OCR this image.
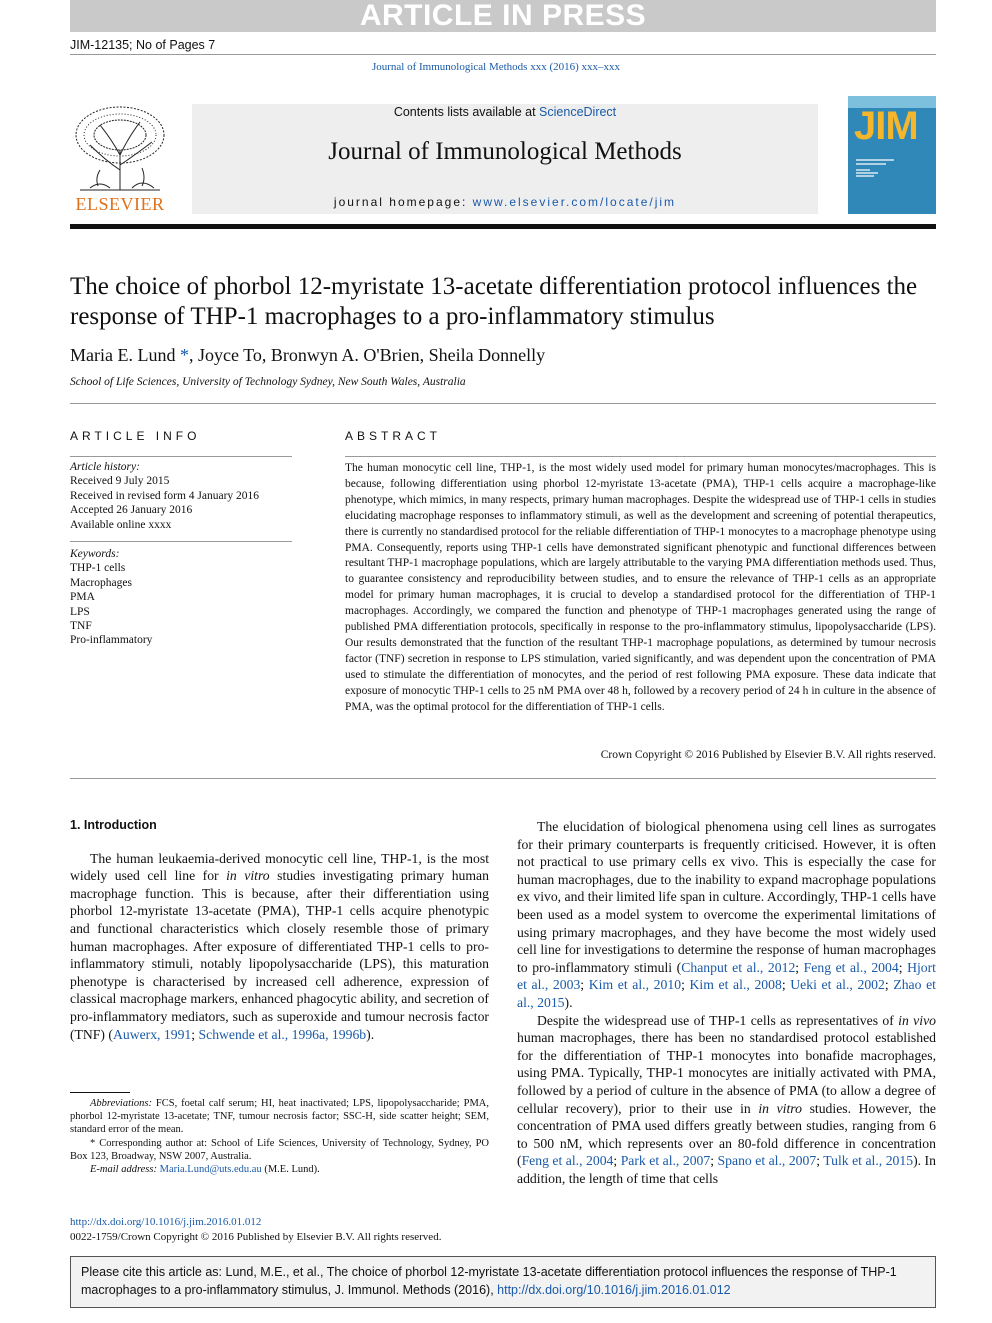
ARTICLE IN PRESS
JIM-12135; No of Pages 7
Journal of Immunological Methods xxx (2016) xxx–xxx
ELSEVIER
Contents lists available at ScienceDirect
Journal of Immunological Methods
journal homepage: www.elsevier.com/locate/jim
JIM
The choice of phorbol 12-myristate 13-acetate differentiation protocol influences the response of THP-1 macrophages to a pro-inflammatory stimulus
Maria E. Lund *, Joyce To, Bronwyn A. O'Brien, Sheila Donnelly
School of Life Sciences, University of Technology Sydney, New South Wales, Australia
ARTICLE INFO
Article history:
Received 9 July 2015
Received in revised form 4 January 2016
Accepted 26 January 2016
Available online xxxx
Keywords:
THP-1 cells
Macrophages
PMA
LPS
TNF
Pro-inflammatory
ABSTRACT
The human monocytic cell line, THP-1, is the most widely used model for primary human monocytes/macrophages. This is because, following differentiation using phorbol 12-myristate 13-acetate (PMA), THP-1 cells acquire a macrophage-like phenotype, which mimics, in many respects, primary human macrophages. Despite the widespread use of THP-1 cells in studies elucidating macrophage responses to inflammatory stimuli, as well as the development and screening of potential therapeutics, there is currently no standardised protocol for the reliable differentiation of THP-1 monocytes to a macrophage phenotype using PMA. Consequently, reports using THP-1 cells have demonstrated significant phenotypic and functional differences between resultant THP-1 macrophage populations, which are largely attributable to the varying PMA differentiation methods used. Thus, to guarantee consistency and reproducibility between studies, and to ensure the relevance of THP-1 cells as an appropriate model for primary human macrophages, it is crucial to develop a standardised protocol for the differentiation of THP-1 macrophages. Accordingly, we compared the function and phenotype of THP-1 macrophages generated using the range of published PMA differentiation protocols, specifically in response to the pro-inflammatory stimulus, lipopolysaccharide (LPS). Our results demonstrated that the function of the resultant THP-1 macrophage populations, as determined by tumour necrosis factor (TNF) secretion in response to LPS stimulation, varied significantly, and was dependent upon the concentration of PMA used to stimulate the differentiation of monocytes, and the period of rest following PMA exposure. These data indicate that exposure of monocytic THP-1 cells to 25 nM PMA over 48 h, followed by a recovery period of 24 h in culture in the absence of PMA, was the optimal protocol for the differentiation of THP-1 cells.
Crown Copyright © 2016 Published by Elsevier B.V. All rights reserved.
1. Introduction

The human leukaemia-derived monocytic cell line, THP-1, is the most widely used cell line for in vitro studies investigating primary human macrophage function. This is because, after their differentiation using phorbol 12-myristate 13-acetate (PMA), THP-1 cells acquire phenotypic and functional characteristics which closely resemble those of primary human macrophages. After exposure of differentiated THP-1 cells to pro-inflammatory stimuli, notably lipopolysaccharide (LPS), this maturation phenotype is characterised by increased cell adherence, expression of classical macrophage markers, enhanced phagocytic ability, and secretion of pro-inflammatory mediators, such as superoxide and tumour necrosis factor (TNF) (Auwerx, 1991; Schwende et al., 1996a, 1996b).

Abbreviations: FCS, foetal calf serum; HI, heat inactivated; LPS, lipopolysaccharide; PMA, phorbol 12-myristate 13-acetate; TNF, tumour necrosis factor; SSC-H, side scatter height; SEM, standard error of the mean.
* Corresponding author at: School of Life Sciences, University of Technology, Sydney, PO Box 123, Broadway, NSW 2007, Australia.
E-mail address: Maria.Lund@uts.edu.au (M.E. Lund).
http://dx.doi.org/10.1016/j.jim.2016.01.012
0022-1759/Crown Copyright © 2016 Published by Elsevier B.V. All rights reserved.

The elucidation of biological phenomena using cell lines as surrogates for their primary counterparts is frequently criticised. However, it is often not practical to use primary cells ex vivo. This is especially the case for human macrophages, due to the inability to expand macrophage populations ex vivo, and their limited life span in culture. Accordingly, THP-1 cells have been used as a model system to overcome the experimental limitations of using primary macrophages, and they have become the most widely used cell line for investigations to determine the response of human macrophages to pro-inflammatory stimuli (Chanput et al., 2012; Feng et al., 2004; Hjort et al., 2003; Kim et al., 2010; Kim et al., 2008; Ueki et al., 2002; Zhao et al., 2015).

Despite the widespread use of THP-1 cells as representatives of in vivo human macrophages, there has been no standardised protocol established for the differentiation of THP-1 monocytes into bonafide macrophages, using PMA. Typically, THP-1 monocytes are initially activated with PMA, followed by a period of culture in the absence of PMA (to allow a degree of cellular recovery), prior to their use in in vitro studies. However, the concentration of PMA used differs greatly between studies, ranging from 6 to 500 nM, which represents over an 80-fold difference in concentration (Feng et al., 2004; Park et al., 2007; Spano et al., 2007; Tulk et al., 2015). In addition, the length of time that cells

Please cite this article as: Lund, M.E., et al., The choice of phorbol 12-myristate 13-acetate differentiation protocol influences the response of THP-1 macrophages to a pro-inflammatory stimulus, J. Immunol. Methods (2016), http://dx.doi.org/10.1016/j.jim.2016.01.012
